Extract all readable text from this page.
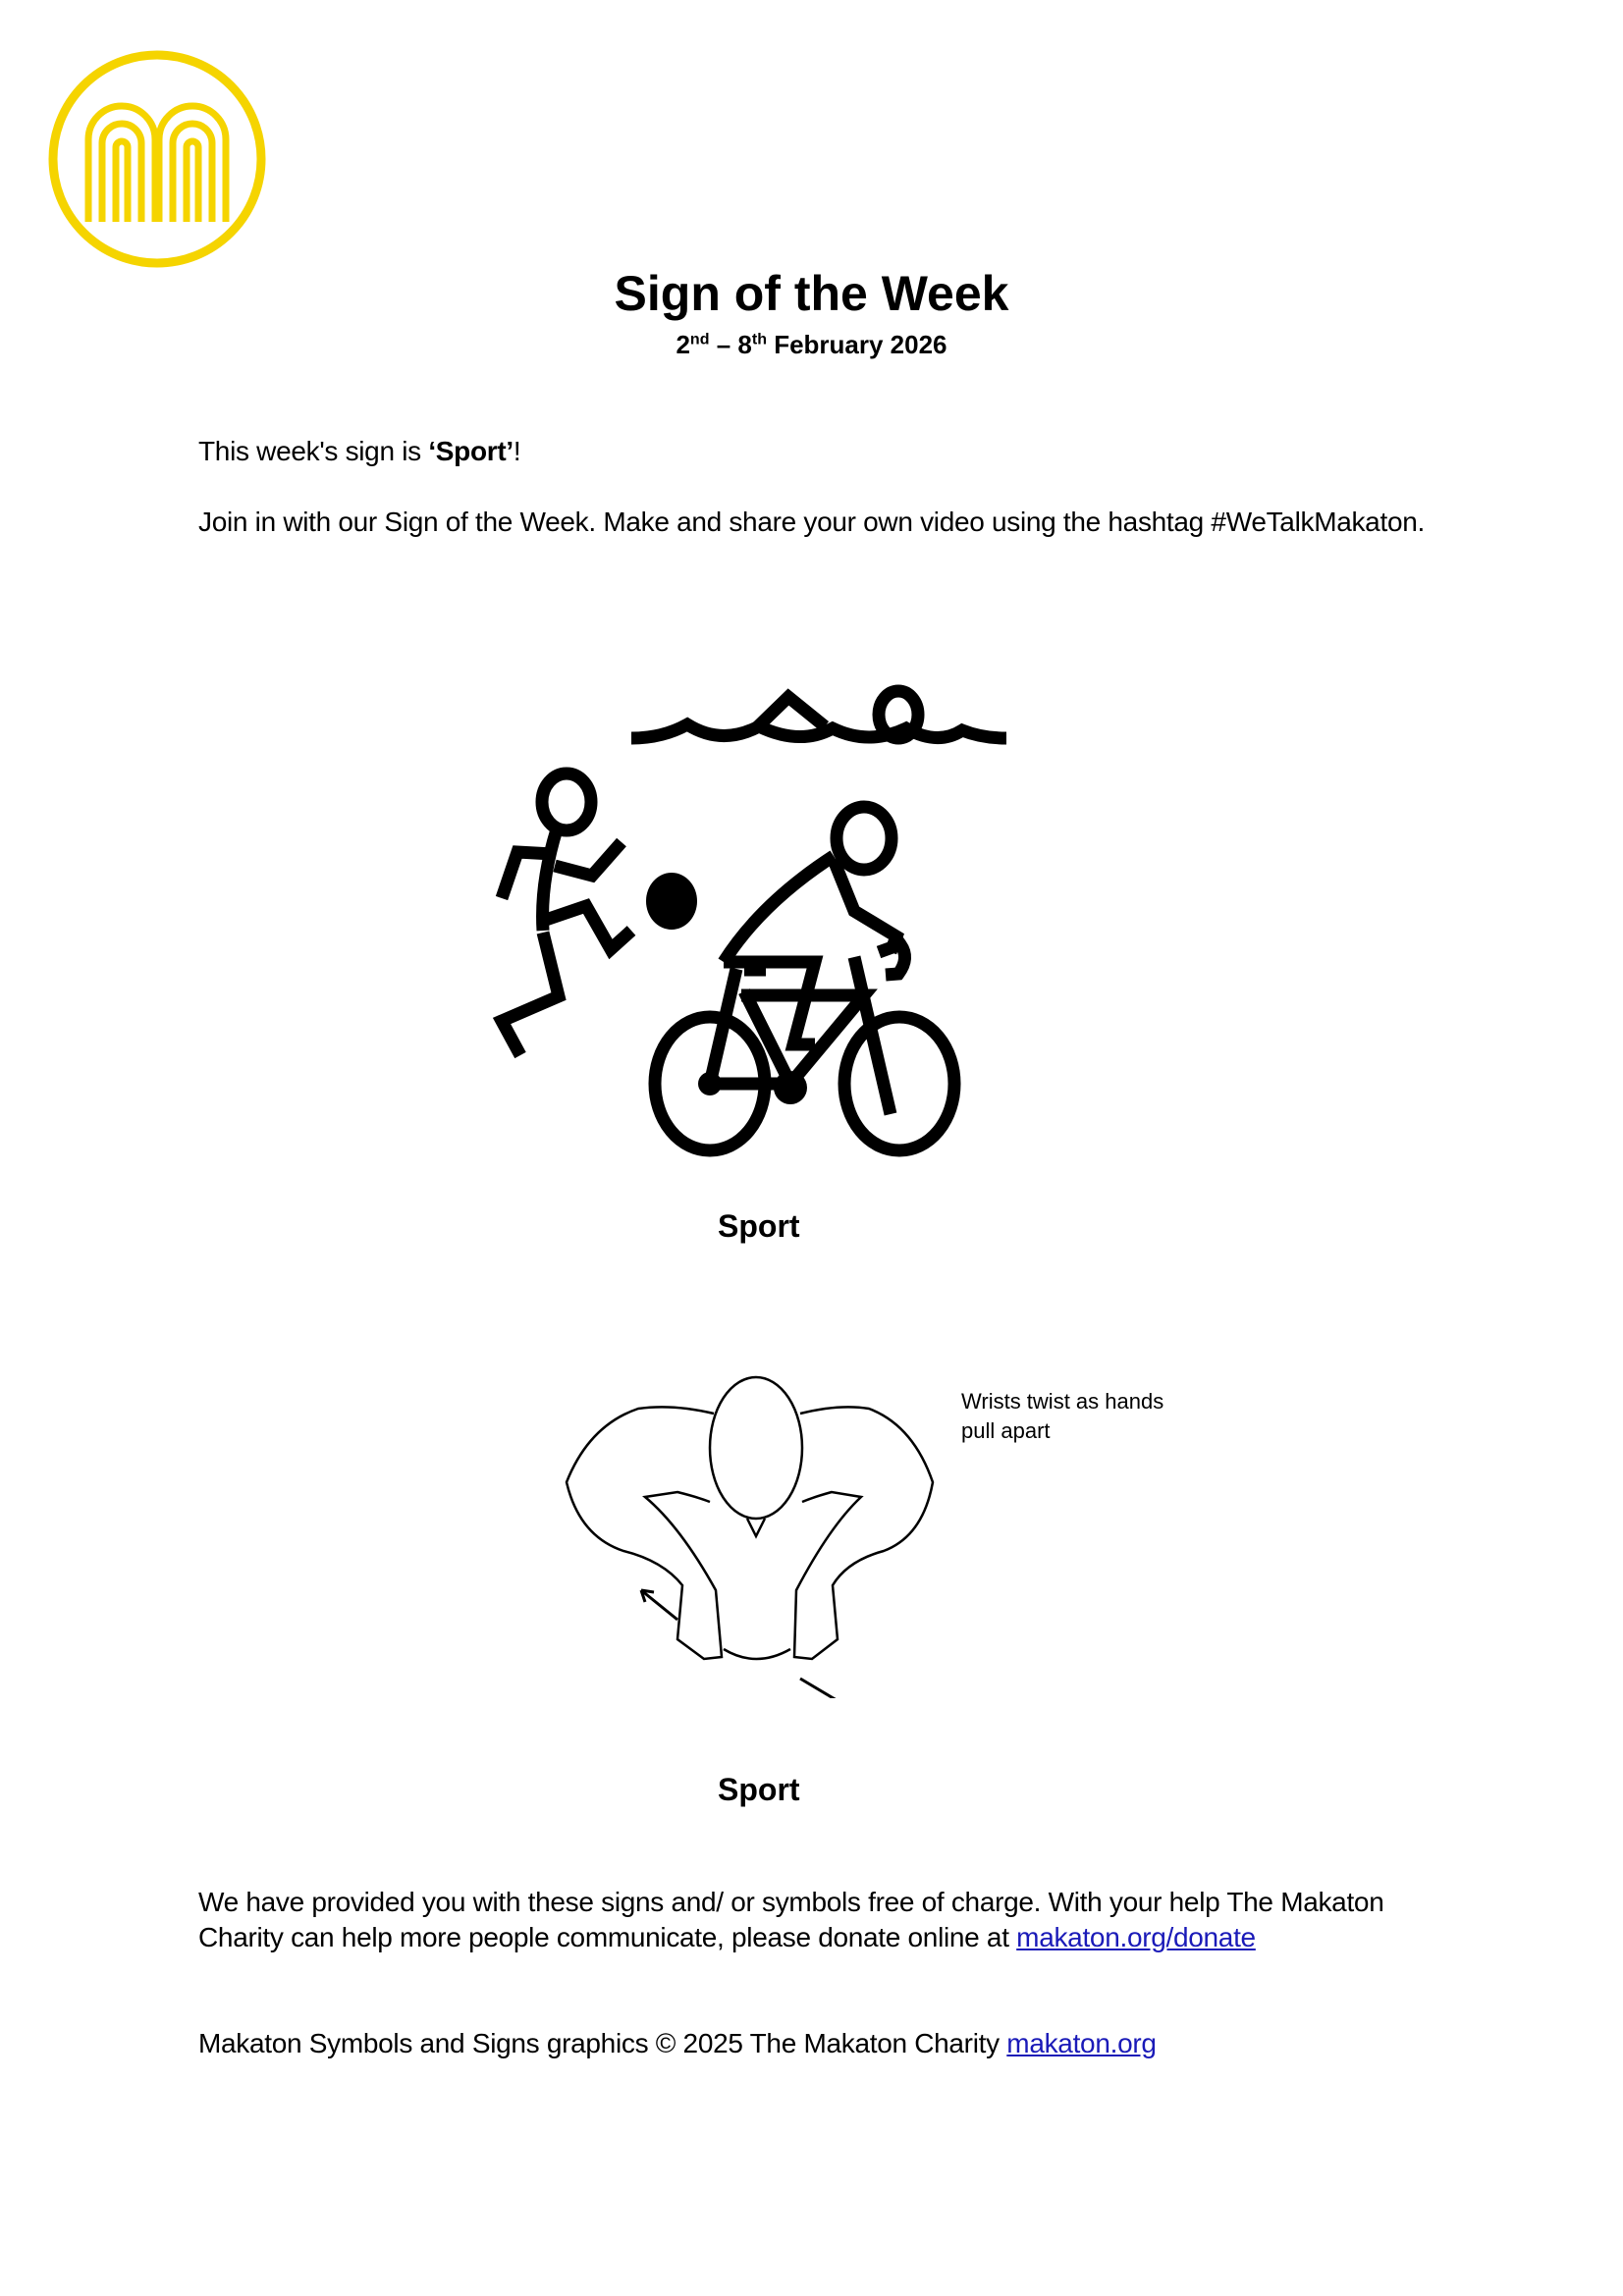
Sign of the Week
2nd – 8th February 2026
This week's sign is ‘Sport’!
Join in with our Sign of the Week. Make and share your own video using the hashtag #WeTalkMakaton.
Sport
Wrists twist as hands
pull apart
Sport
We have provided you with these signs and/ or symbols free of charge. With your help The Makaton Charity can help more people communicate, please donate online at makaton.org/donate
Makaton Symbols and Signs graphics © 2025 The Makaton Charity makaton.org
